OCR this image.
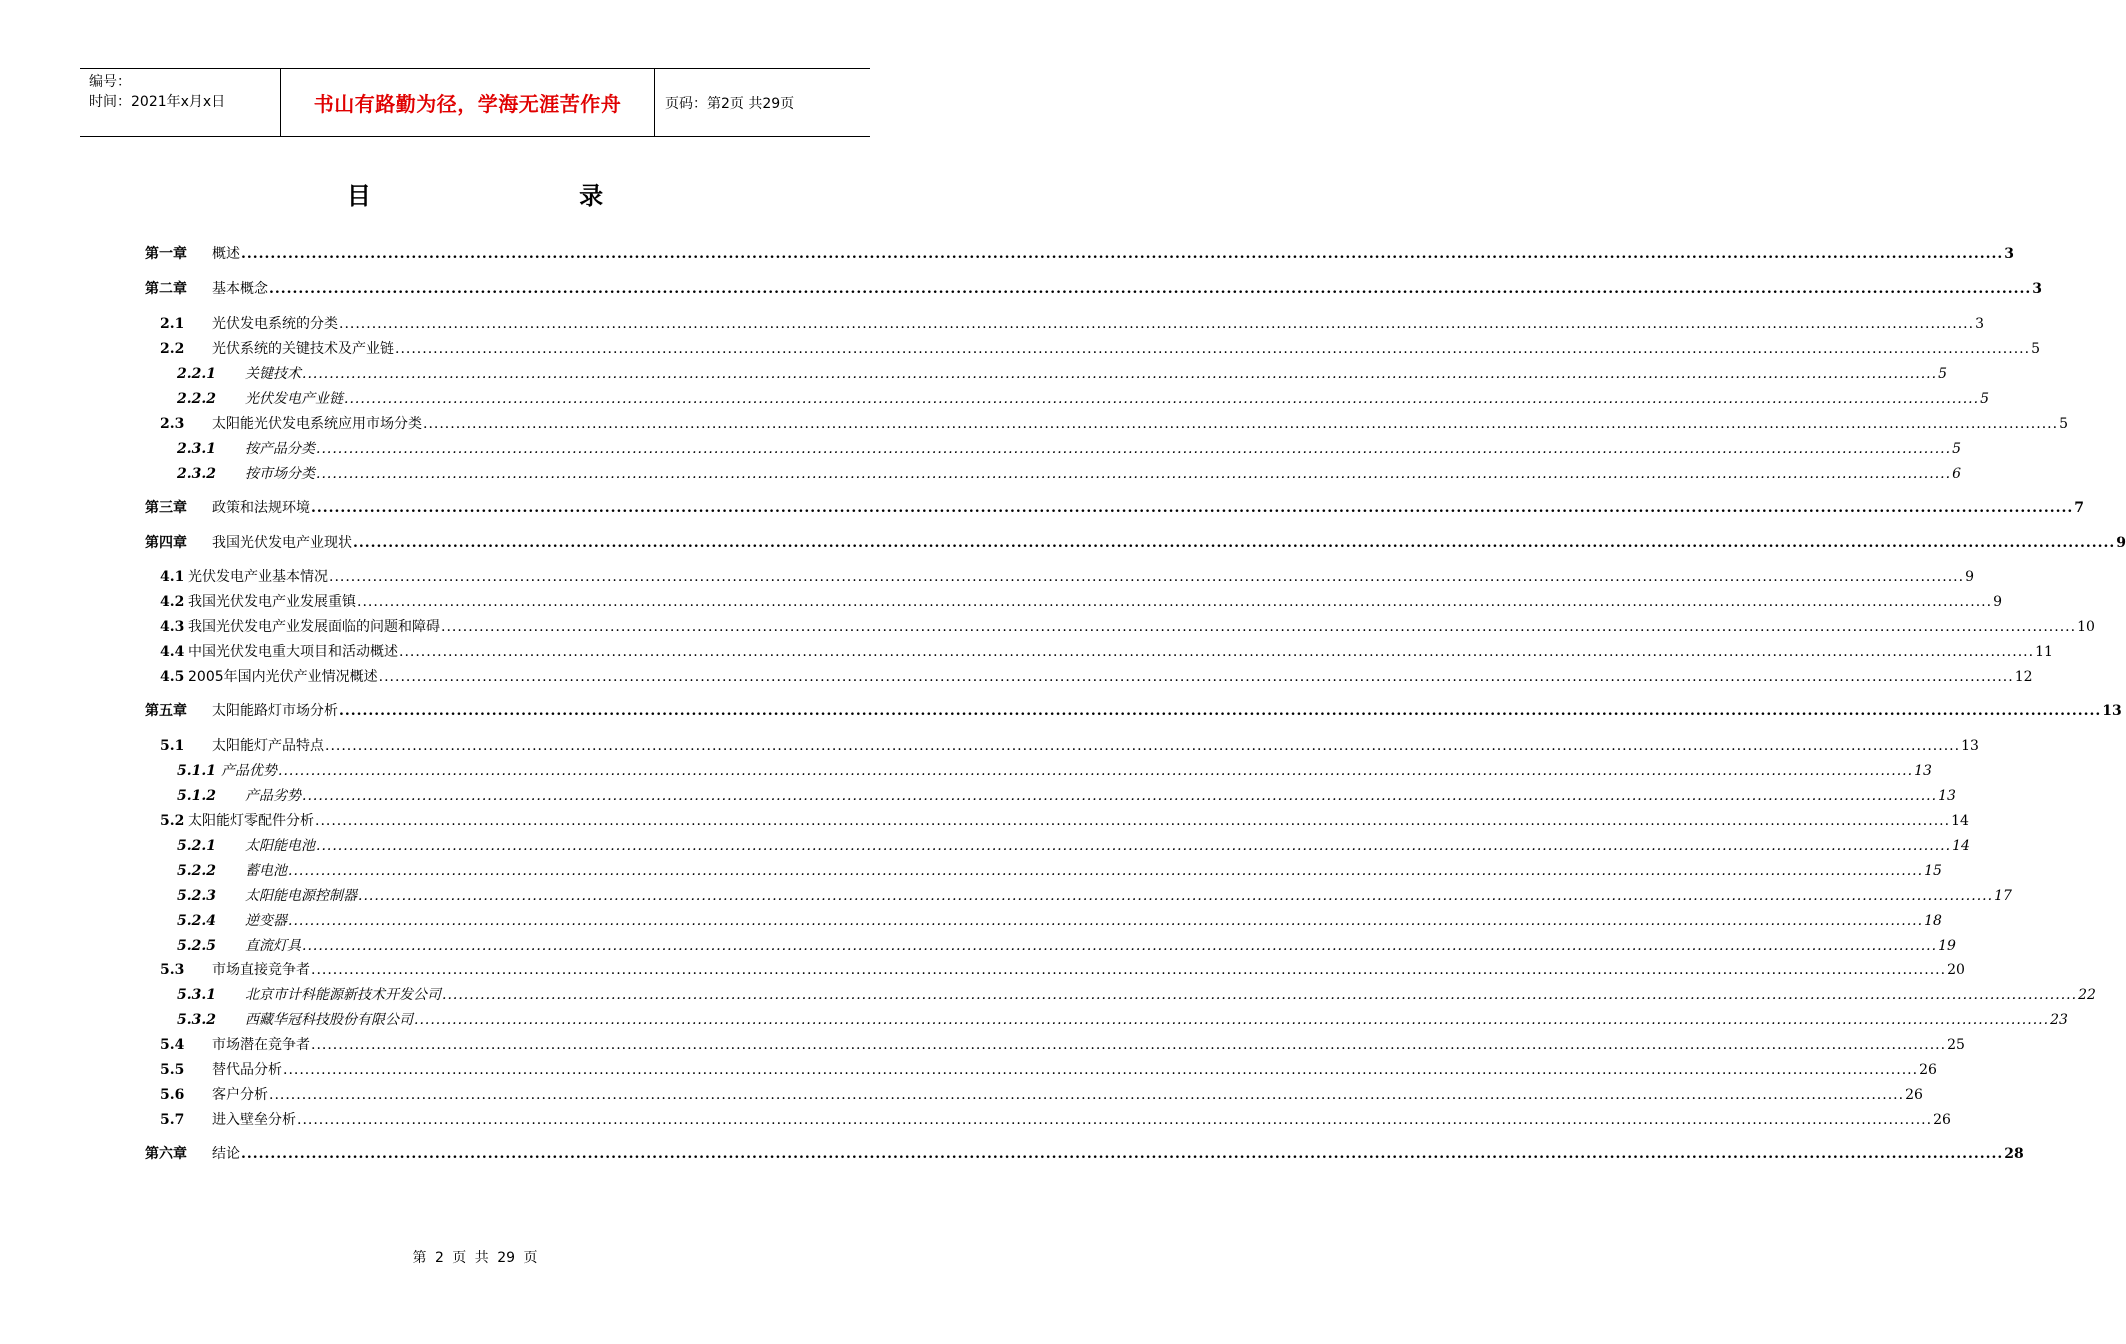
编号：
时间：2021年x月x日	书山有路勤为径，学海无涯苦作舟	页码：第2页 共29页
目 录
第一章 概述 ............................................................................................................................................................................................................................................................................................................ 3
第二章 基本概念 ............................................................................................................................................................................................................................................................................................................ 3
2.1 光伏发电系统的分类 ............................................................................................................................................................................................................................................................................................................ 3
2.2 光伏系统的关键技术及产业链 ............................................................................................................................................................................................................................................................................................................ 5
2.2.1 关键技术 ............................................................................................................................................................................................................................................................................................................ 5
2.2.2 光伏发电产业链 ............................................................................................................................................................................................................................................................................................................ 5
2.3 太阳能光伏发电系统应用市场分类 ............................................................................................................................................................................................................................................................................................................ 5
2.3.1 按产品分类 ............................................................................................................................................................................................................................................................................................................ 5
2.3.2 按市场分类 ............................................................................................................................................................................................................................................................................................................ 6
第三章 政策和法规环境 ............................................................................................................................................................................................................................................................................................................ 7
第四章 我国光伏发电产业现状 ............................................................................................................................................................................................................................................................................................................ 9
4.1 光伏发电产业基本情况 ............................................................................................................................................................................................................................................................................................................ 9
4.2 我国光伏发电产业发展重镇 ............................................................................................................................................................................................................................................................................................................ 9
4.3 我国光伏发电产业发展面临的问题和障碍 ............................................................................................................................................................................................................................................................................................................ 10
4.4 中国光伏发电重大项目和活动概述 ............................................................................................................................................................................................................................................................................................................ 11
4.5 2005年国内光伏产业情况概述 ............................................................................................................................................................................................................................................................................................................ 12
第五章 太阳能路灯市场分析 ............................................................................................................................................................................................................................................................................................................ 13
5.1 太阳能灯产品特点 ............................................................................................................................................................................................................................................................................................................ 13
5.1.1 产品优势 ............................................................................................................................................................................................................................................................................................................ 13
5.1.2 产品劣势 ............................................................................................................................................................................................................................................................................................................ 13
5.2 太阳能灯零配件分析 ............................................................................................................................................................................................................................................................................................................ 14
5.2.1 太阳能电池 ............................................................................................................................................................................................................................................................................................................ 14
5.2.2 蓄电池 ............................................................................................................................................................................................................................................................................................................ 15
5.2.3 太阳能电源控制器 ............................................................................................................................................................................................................................................................................................................ 17
5.2.4 逆变器 ............................................................................................................................................................................................................................................................................................................ 18
5.2.5 直流灯具 ............................................................................................................................................................................................................................................................................................................ 19
5.3 市场直接竞争者 ............................................................................................................................................................................................................................................................................................................ 20
5.3.1 北京市计科能源新技术开发公司 ............................................................................................................................................................................................................................................................................................................ 22
5.3.2 西藏华冠科技股份有限公司 ............................................................................................................................................................................................................................................................................................................ 23
5.4 市场潜在竞争者 ............................................................................................................................................................................................................................................................................................................ 25
5.5 替代品分析 ............................................................................................................................................................................................................................................................................................................ 26
5.6 客户分析 ............................................................................................................................................................................................................................................................................................................ 26
5.7 进入壁垒分析 ............................................................................................................................................................................................................................................................................................................ 26
第六章 结论 ............................................................................................................................................................................................................................................................................................................ 28
第 2 页 共 29 页
